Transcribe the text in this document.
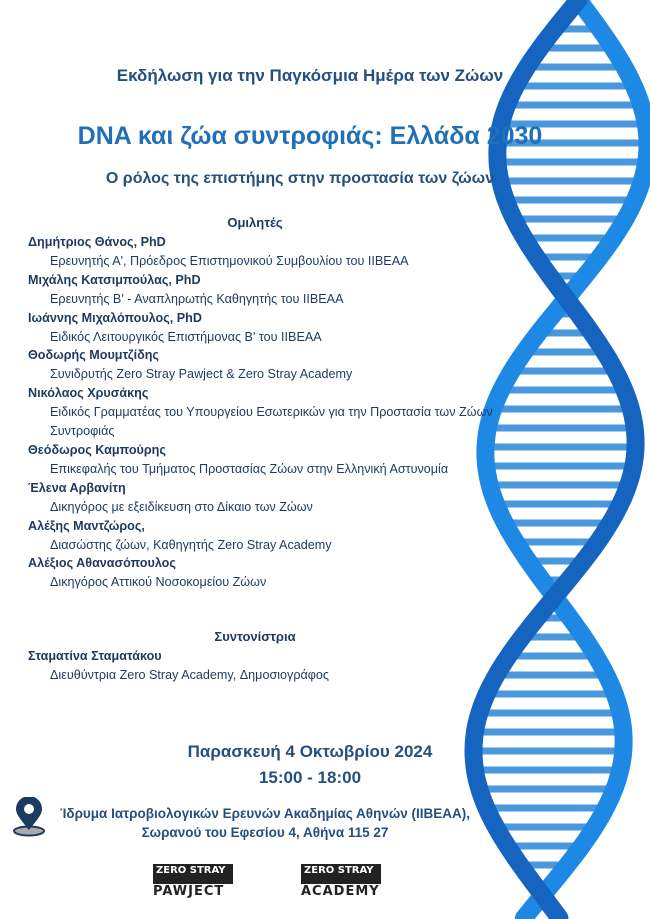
Εκδήλωση για την Παγκόσμια Ημέρα των Ζώων
DNA και ζώα συντροφιάς: Ελλάδα 2030
Ο ρόλος της επιστήμης στην προστασία των ζώων
Ομιλητές
Δημήτριος Θάνος, PhD
Ερευνητής Α', Πρόεδρος Επιστημονικού Συμβουλίου του ΙΙΒΕΑΑ
Μιχάλης Κατσιμπούλας, PhD
Ερευνητής Β' - Αναπληρωτής Καθηγητής του ΙΙΒΕΑΑ
Ιωάννης Μιχαλόπουλος, PhD
Ειδικός Λειτουργικός Επιστήμονας Β' του ΙΙΒΕΑΑ
Θοδωρής Μουμτζίδης
Συνιδρυτής Zero Stray Pawject & Zero Stray Academy
Νικόλαος Χρυσάκης
Ειδικός Γραμματέας του Υπουργείου Εσωτερικών για την Προστασία των Ζώων Συντροφιάς
Θεόδωρος Καμπούρης
Επικεφαλής του Τμήματος Προστασίας Ζώων στην Ελληνική Αστυνομία
Έλενα Αρβανίτη
Δικηγόρος με εξειδίκευση στο Δίκαιο των Ζώων
Αλέξης Μαντζώρος,
Διασώστης ζώων, Καθηγητής Zero Stray Academy
Αλέξιος Αθανασόπουλος
Δικηγόρος Αττικού Νοσοκομείου Ζώων
Συντονίστρια
Σταματίνα Σταματάκου
Διευθύντρια Zero Stray Academy, Δημοσιογράφος
Παρασκευή 4 Οκτωβρίου 2024
15:00 - 18:00
Ίδρυμα Ιατροβιολογικών Ερευνών Ακαδημίας Αθηνών (ΙΙΒΕΑΑ),
Σωρανού του Εφεσίου 4, Αθήνα 115 27
ZERO STRAY
PAWJECT
ZERO STRAY
ACADEMY
